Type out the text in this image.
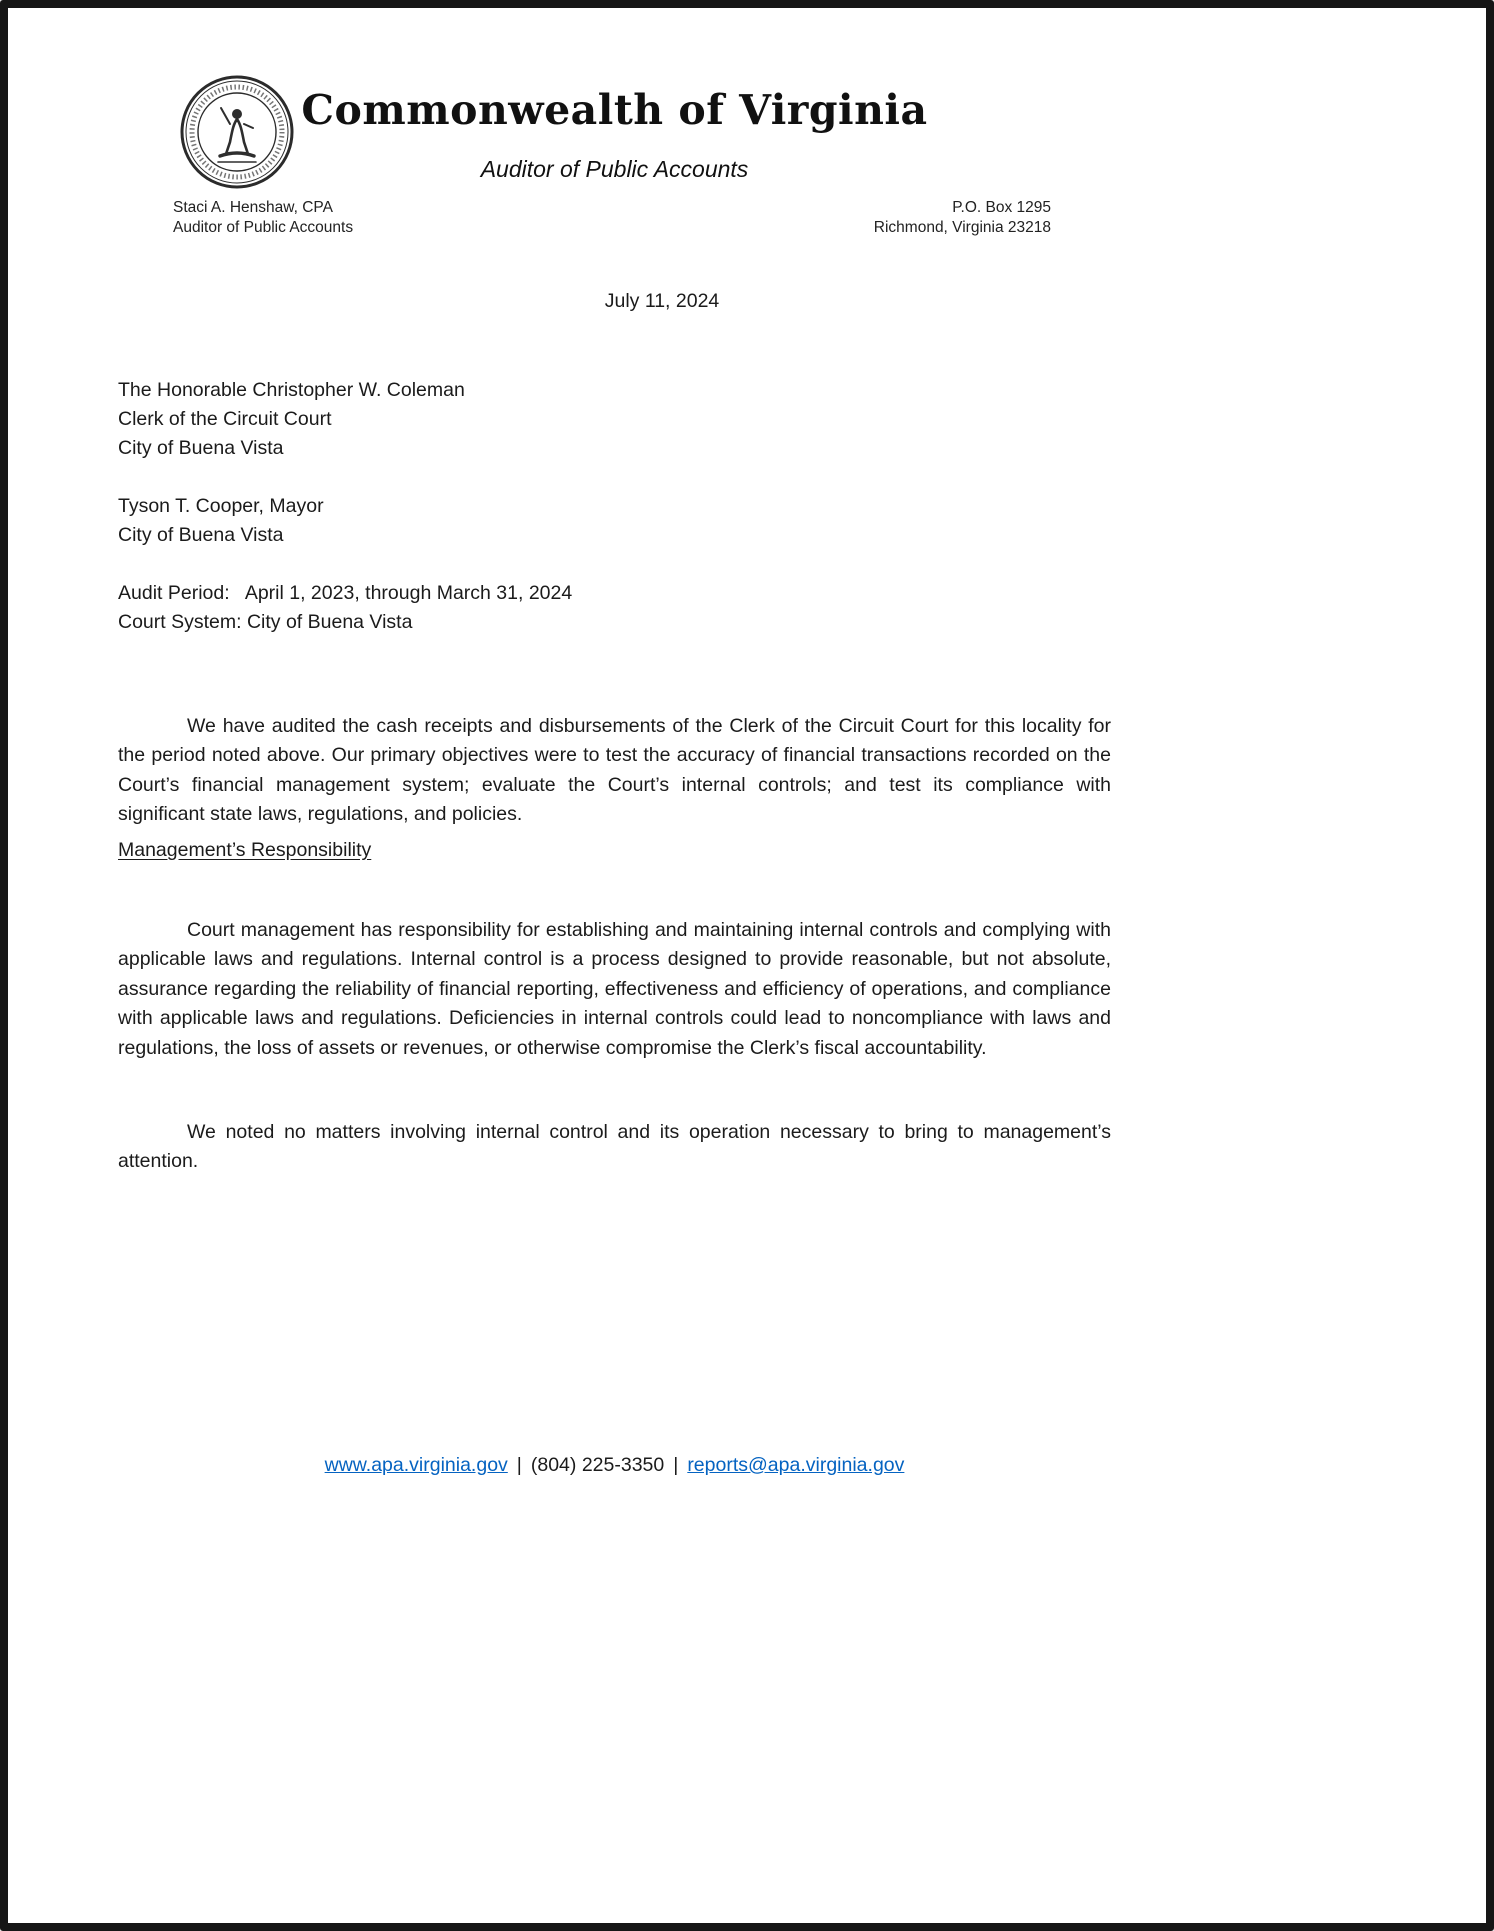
Commonwealth of Virginia
Auditor of Public Accounts
Staci A. Henshaw, CPA
Auditor of Public Accounts
P.O. Box 1295
Richmond, Virginia 23218
July 11, 2024
The Honorable Christopher W. Coleman
Clerk of the Circuit Court
City of Buena Vista
Tyson T. Cooper, Mayor
City of Buena Vista
Audit Period:   April 1, 2023, through March 31, 2024
Court System: City of Buena Vista

We have audited the cash receipts and disbursements of the Clerk of the Circuit Court for this locality for the period noted above. Our primary objectives were to test the accuracy of financial transactions recorded on the Court’s financial management system; evaluate the Court’s internal controls; and test its compliance with significant state laws, regulations, and policies.

Management’s Responsibility

Court management has responsibility for establishing and maintaining internal controls and complying with applicable laws and regulations. Internal control is a process designed to provide reasonable, but not absolute, assurance regarding the reliability of financial reporting, effectiveness and efficiency of operations, and compliance with applicable laws and regulations. Deficiencies in internal controls could lead to noncompliance with laws and regulations, the loss of assets or revenues, or otherwise compromise the Clerk’s fiscal accountability.

We noted no matters involving internal control and its operation necessary to bring to management’s attention.

www.apa.virginia.gov | (804) 225-3350 | reports@apa.virginia.gov
